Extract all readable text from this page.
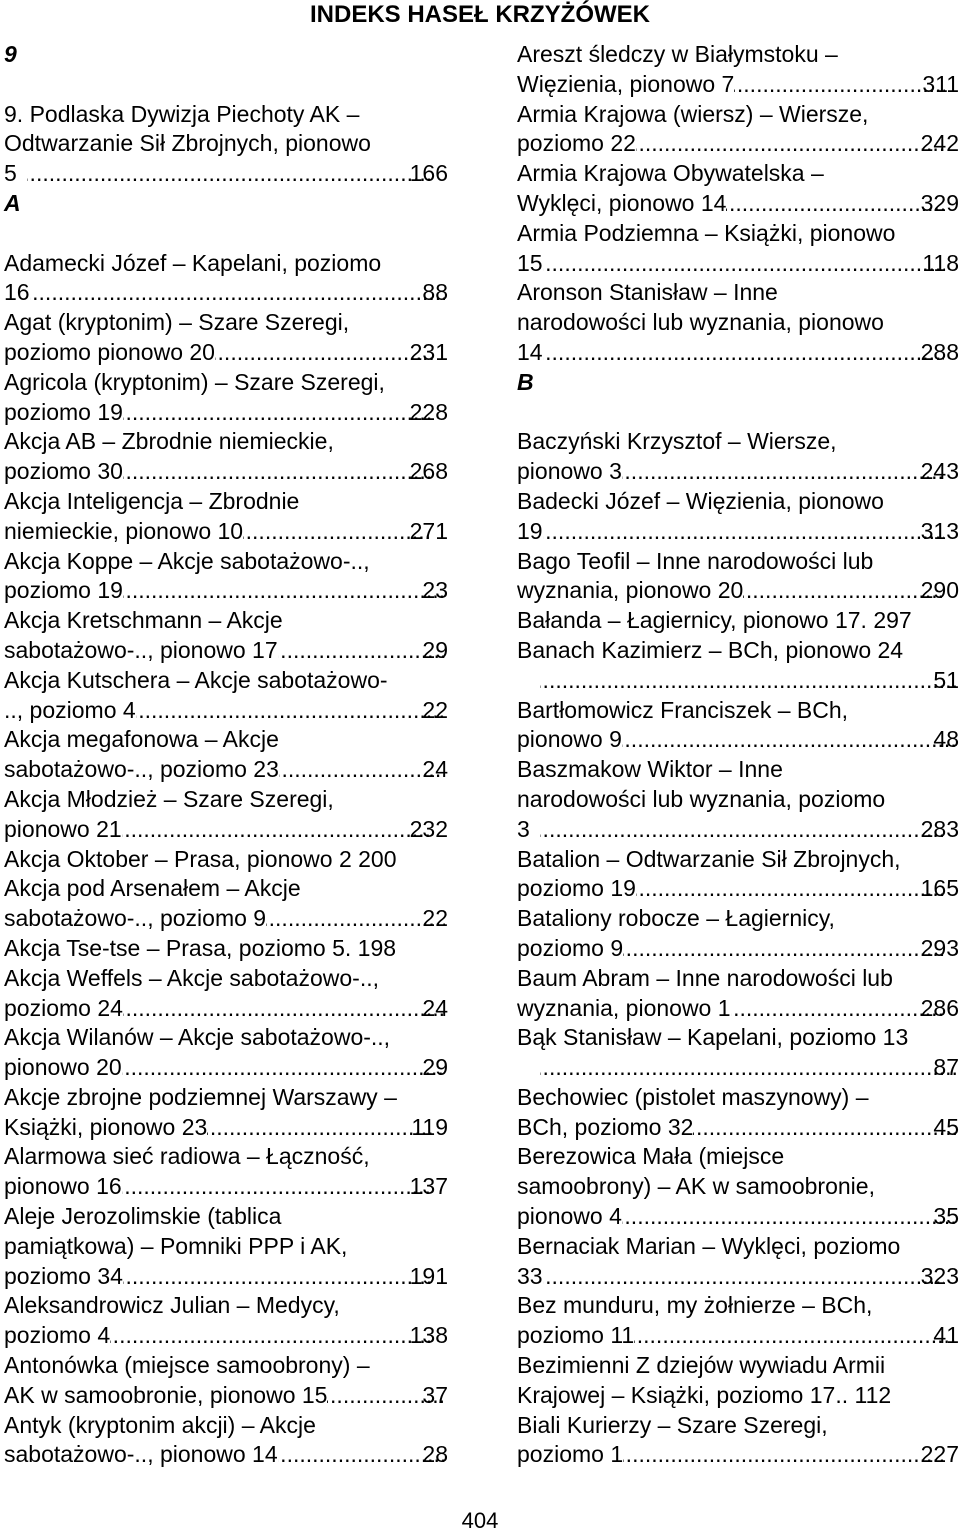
INDEKS HASEŁ KRZYŻÓWEK
9
9. Podlaska Dywizja Piechoty AK –
Odtwarzanie Sił Zbrojnych, pionowo
5	166
.....
A
Adamecki Józef – Kapelani, poziomo
16	88
.....
Agat (kryptonim) – Szare Szeregi,
poziomo pionowo 20	231
.....
Agricola (kryptonim) – Szare Szeregi,
poziomo 19	228
.....
Akcja AB – Zbrodnie niemieckie,
poziomo 30	268
.....
Akcja Inteligencja – Zbrodnie
niemieckie, pionowo 10	271
.....
Akcja Koppe – Akcje sabotażowo-..,
poziomo 19	23
.....
Akcja Kretschmann – Akcje
sabotażowo-.., pionowo 17	29
.....
Akcja Kutschera – Akcje sabotażowo-
.., poziomo 4	22
.....
Akcja megafonowa – Akcje
sabotażowo-.., poziomo 23	24
.....
Akcja Młodzież – Szare Szeregi,
pionowo 21	232
.....
Akcja Oktober – Prasa, pionowo 2 200
Akcja pod Arsenałem – Akcje
sabotażowo-.., poziomo 9	22
.....
Akcja Tse-tse – Prasa, poziomo 5. 198
Akcja Weffels – Akcje sabotażowo-..,
poziomo 24	24
.....
Akcja Wilanów – Akcje sabotażowo-..,
pionowo 20	29
.....
Akcje zbrojne podziemnej Warszawy –
Książki, pionowo 23	119
.....
Alarmowa sieć radiowa – Łączność,
pionowo 16	137
.....
Aleje Jerozolimskie (tablica
pamiątkowa) – Pomniki PPP i AK,
poziomo 34	191
.....
Aleksandrowicz Julian – Medycy,
poziomo 4	138
.....
Antonówka (miejsce samoobrony) –
AK w samoobronie, pionowo 15	37
.....
Antyk (kryptonim akcji) – Akcje
sabotażowo-.., pionowo 14	28
.....
Areszt śledczy w Białymstoku –
Więzienia, pionowo 7	311
.....
Armia Krajowa (wiersz) – Wiersze,
poziomo 22	242
.....
Armia Krajowa Obywatelska –
Wyklęci, pionowo 14	329
.....
Armia Podziemna – Książki, pionowo
15	118
.....
Aronson Stanisław – Inne
narodowości lub wyznania, pionowo
14	288
.....
B
Baczyński Krzysztof – Wiersze,
pionowo 3	243
.....
Badecki Józef – Więzienia, pionowo
19	313
.....
Bago Teofil – Inne narodowości lub
wyznania, pionowo 20	290
.....
Bałanda – Łagiernicy, pionowo 17. 297
Banach Kazimierz – BCh, pionowo 24
51
.....
Bartłomowicz Franciszek – BCh,
pionowo 9	48
.....
Baszmakow Wiktor – Inne
narodowości lub wyznania, poziomo
3	283
.....
Batalion – Odtwarzanie Sił Zbrojnych,
poziomo 19	165
.....
Bataliony robocze – Łagiernicy,
poziomo 9	293
.....
Baum Abram – Inne narodowości lub
wyznania, pionowo 1	286
.....
Bąk Stanisław – Kapelani, poziomo 13
87
.....
Bechowiec (pistolet maszynowy) –
BCh, poziomo 32	45
.....
Berezowica Mała (miejsce
samoobrony) – AK w samoobronie,
pionowo 4	35
.....
Bernaciak Marian – Wyklęci, poziomo
33	323
.....
Bez munduru, my żołnierze – BCh,
poziomo 11	41
.....
Bezimienni Z dziejów wywiadu Armii
Krajowej – Książki, poziomo 17.. 112
Biali Kurierzy – Szare Szeregi,
poziomo 1	227
.....
404
